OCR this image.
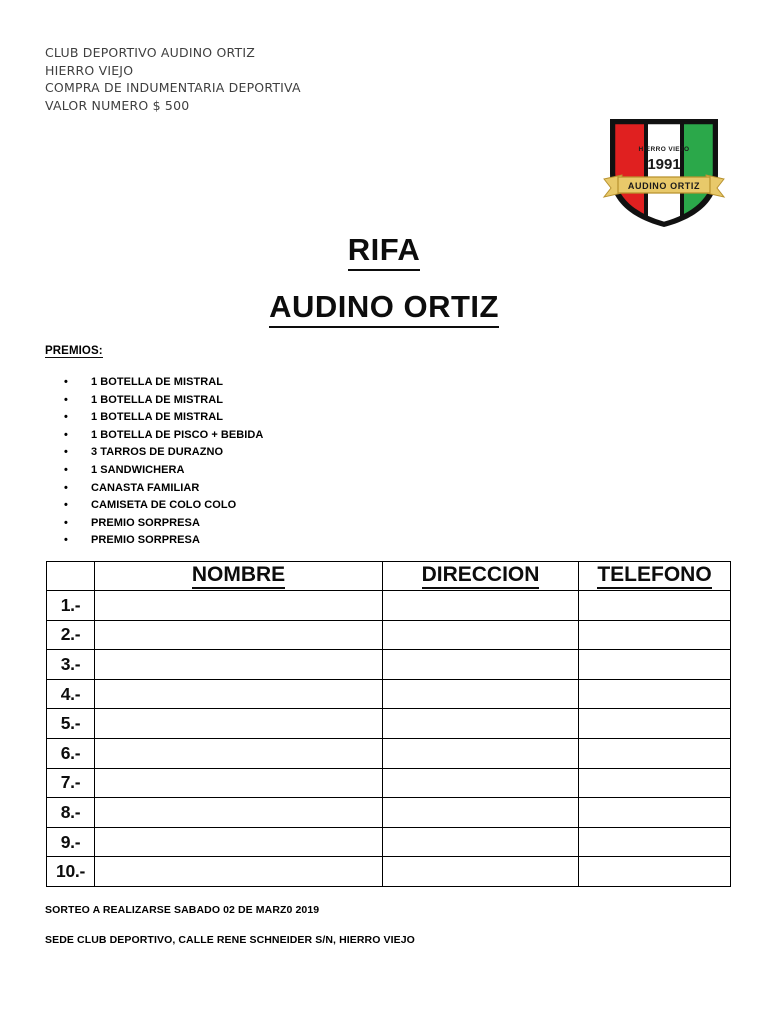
CLUB DEPORTIVO AUDINO ORTIZ
HIERRO VIEJO
COMPRA DE INDUMENTARIA DEPORTIVA
VALOR NUMERO $ 500
HIERRO VIEJO
1991
AUDINO ORTIZ
RIFA
AUDINO ORTIZ
PREMIOS:
• 1 BOTELLA DE MISTRAL
• 1 BOTELLA DE MISTRAL
• 1 BOTELLA DE MISTRAL
• 1 BOTELLA DE PISCO + BEBIDA
• 3 TARROS DE DURAZNO
• 1 SANDWICHERA
• CANASTA FAMILIAR
• CAMISETA DE COLO COLO
• PREMIO SORPRESA
• PREMIO SORPRESA
	NOMBRE	DIRECCION	TELEFONO
1.-			
2.-			
3.-			
4.-			
5.-			
6.-			
7.-			
8.-			
9.-			
10.-			
SORTEO A REALIZARSE SABADO 02 DE MARZ0 2019
SEDE CLUB DEPORTIVO, CALLE RENE SCHNEIDER S/N, HIERRO VIEJO
